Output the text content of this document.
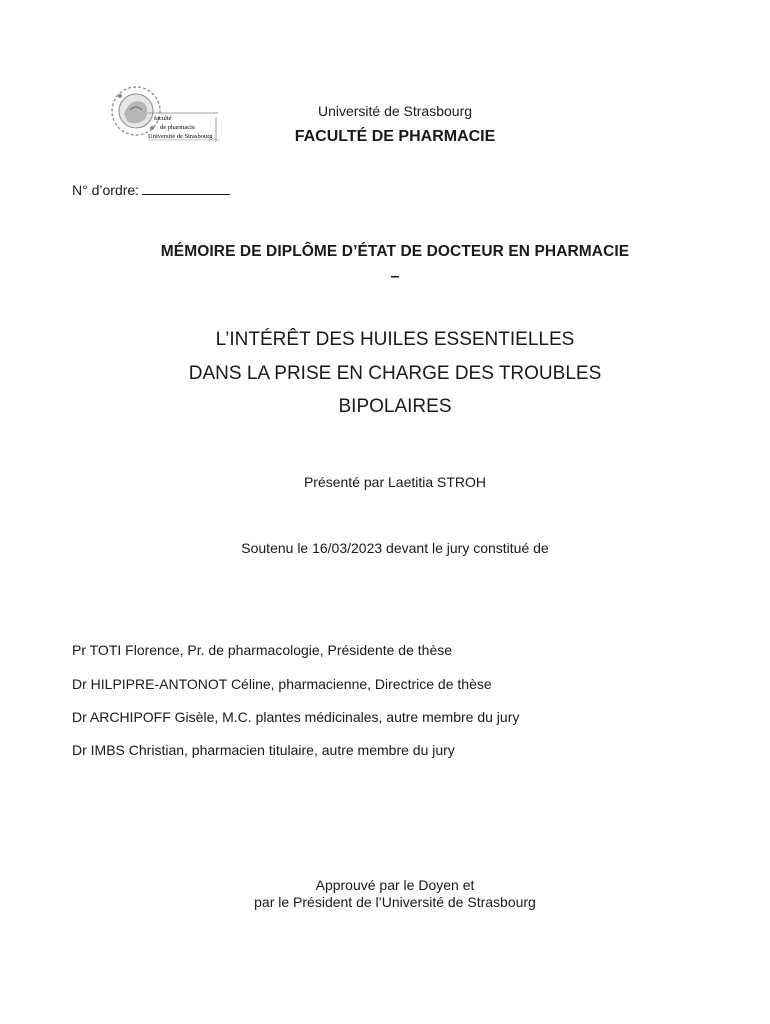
faculté
de pharmacie
Université de Strasbourg
Université de Strasbourg
FACULTÉ DE PHARMACIE
N° d’ordre:
MÉMOIRE DE DIPLÔME D’ÉTAT DE DOCTEUR EN PHARMACIE
–
L’INTÉRÊT DES HUILES ESSENTIELLES
DANS LA PRISE EN CHARGE DES TROUBLES
BIPOLAIRES
Présenté par Laetitia STROH
Soutenu le 16/03/2023 devant le jury constitué de
Pr TOTI Florence, Pr. de pharmacologie, Présidente de thèse
Dr HILPIPRE-ANTONOT Céline, pharmacienne, Directrice de thèse
Dr ARCHIPOFF Gisèle, M.C. plantes médicinales, autre membre du jury
Dr IMBS Christian, pharmacien titulaire, autre membre du jury
Approuvé par le Doyen et
par le Président de l’Université de Strasbourg
